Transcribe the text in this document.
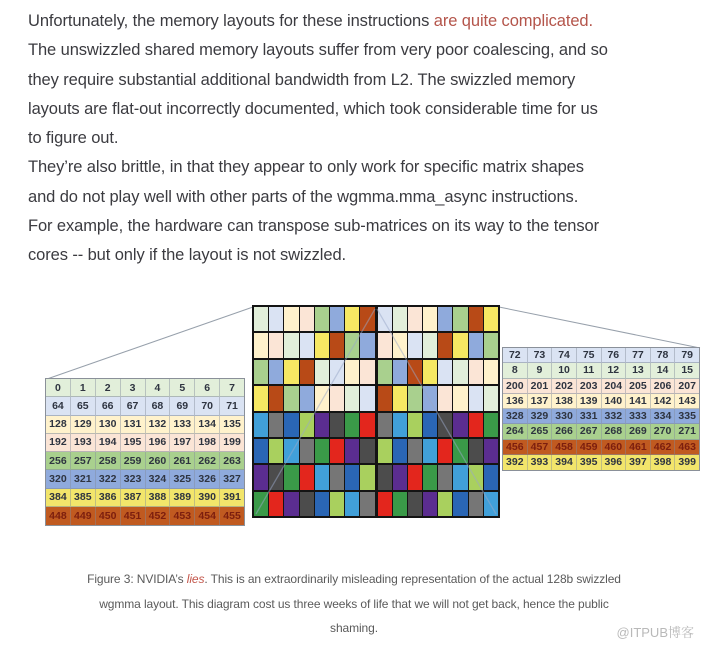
Unfortunately, the memory layouts for these instructions are quite complicated.
The unswizzled shared memory layouts suffer from very poor coalescing, and so
they require substantial additional bandwidth from L2. The swizzled memory
layouts are flat-out incorrectly documented, which took considerable time for us
to figure out.
They’re also brittle, in that they appear to only work for specific matrix shapes
and do not play well with other parts of the wgmma.mma_async instructions.
For example, the hardware can transpose sub-matrices on its way to the tensor
cores -- but only if the layout is not swizzled.
0	1	2	3	4	5	6	7
64	65	66	67	68	69	70	71
128 129 130 131 132 133 134 135
192 193 194 195 196 197 198 199
256 257 258 259 260 261 262 263
320 321 322 323 324 325 326 327
384 385 386 387 388 389 390 391
448 449 450 451 452 453 454 455
72	73	74	75	76	77	78	79
8	9	10	11	12	13	14	15
200 201 202 203 204 205 206 207
136 137 138 139 140 141 142 143
328 329 330 331 332 333 334 335
264 265 266 267 268 269 270 271
456 457 458 459 460 461 462 463
392 393 394 395 396 397 398 399
Figure 3: NVIDIA’s lies. This is an extraordinarily misleading representation of the actual 128b swizzled
wgmma layout. This diagram cost us three weeks of life that we will not get back, hence the public
shaming.	@ITPUB博客
